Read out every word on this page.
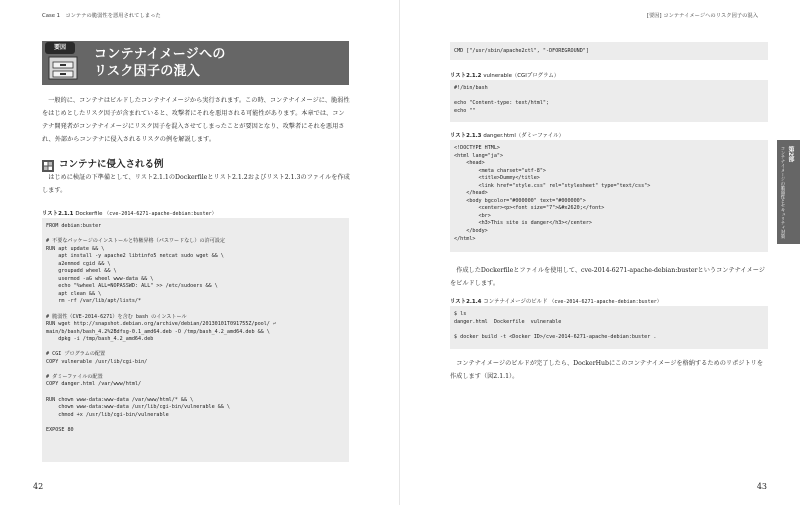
Case 1　コンテナの脆弱性を悪用されてしまった
要因	コンテナイメージへの
リスク因子の混入

一般的に、コンテナはビルドしたコンテナイメージから実行されます。この時、コンテナイメージに、脆弱性をはじめとしたリスク因子が含まれていると、攻撃者にそれを悪用される可能性があります。本章では、コンテナ開発者がコンテナイメージにリスク因子を混入させてしまったことが要因となり、攻撃者にそれを悪用され、外部からコンテナに侵入されるリスクの例を解説します。

コンテナに侵入される例

はじめに検証の下準備として、リスト2.1.1のDockerfileとリスト2.1.2およびリスト2.1.3のファイルを作成します。

リスト2.1.1 Dockerfile （cve-2014-6271-apache-debian:buster）
FROM debian:buster

# 不要なパッケージのインストールと特権昇格（パスワードなし）の許可設定
RUN apt update && \
apt install -y apache2 libtinfo5 netcat sudo wget && \
a2enmod cgid && \
groupadd wheel && \
usermod -aG wheel www-data && \
echo "%wheel ALL=NOPASSWD: ALL" >> /etc/sudoers && \
apt clean && \
rm -rf /var/lib/apt/lists/*

# 脆弱性（CVE-2014-6271）を含む bash のインストール
RUN wget http://snapshot.debian.org/archive/debian/20130101T091755Z/pool/ ⏎
main/b/bash/bash_4.2%2Bdfsg-0.1_amd64.deb -O /tmp/bash_4.2_amd64.deb && \
dpkg -i /tmp/bash_4.2_amd64.deb

# CGI プログラムの配置
COPY vulnerable /usr/lib/cgi-bin/

# ダミーファイルの配置
COPY danger.html /var/www/html/

RUN chown www-data:www-data /var/www/html/* && \
chown www-data:www-data /usr/lib/cgi-bin/vulnerable && \
chmod +x /usr/lib/cgi-bin/vulnerable

EXPOSE 80
42
[要因] コンテナイメージへのリスク因子の混入
CMD ["/usr/sbin/apache2ctl", "-DFOREGROUND"]
リスト2.1.2 vulnerable（CGIプログラム）
#!/bin/bash

echo "Content-type: text/html";
echo ""
リスト2.1.3 danger.html（ダミーファイル）
<!DOCTYPE HTML>
<html lang="ja">
<head>
<meta charset="utf-8">
<title>Dummy</title>
<link href="style.css" rel="stylesheet" type="text/css">
</head>
<body bgcolor="#000000" text="#000000">
<center><p><font size="7">&#x2620;</font>
<br>
<h3>This site is danger</h3></center>
</body>
</html>

作成したDockerfileとファイルを使用して、cve-2014-6271-apache-debian:busterというコンテナイメージをビルドします。

リスト2.1.4 コンテナイメージのビルド （cve-2014-6271-apache-debian:buster）
$ ls
danger.html  Dockerfile  vulnerable

$ docker build -t <Docker ID>/cve-2014-6271-apache-debian:buster .

コンテナイメージのビルドが完了したら、DockerHubにこのコンテナイメージを格納するためのリポジトリを作成します（図2.1.1）。

43
第2部
コンテナイメージの脆弱性とセキュリティ対策
